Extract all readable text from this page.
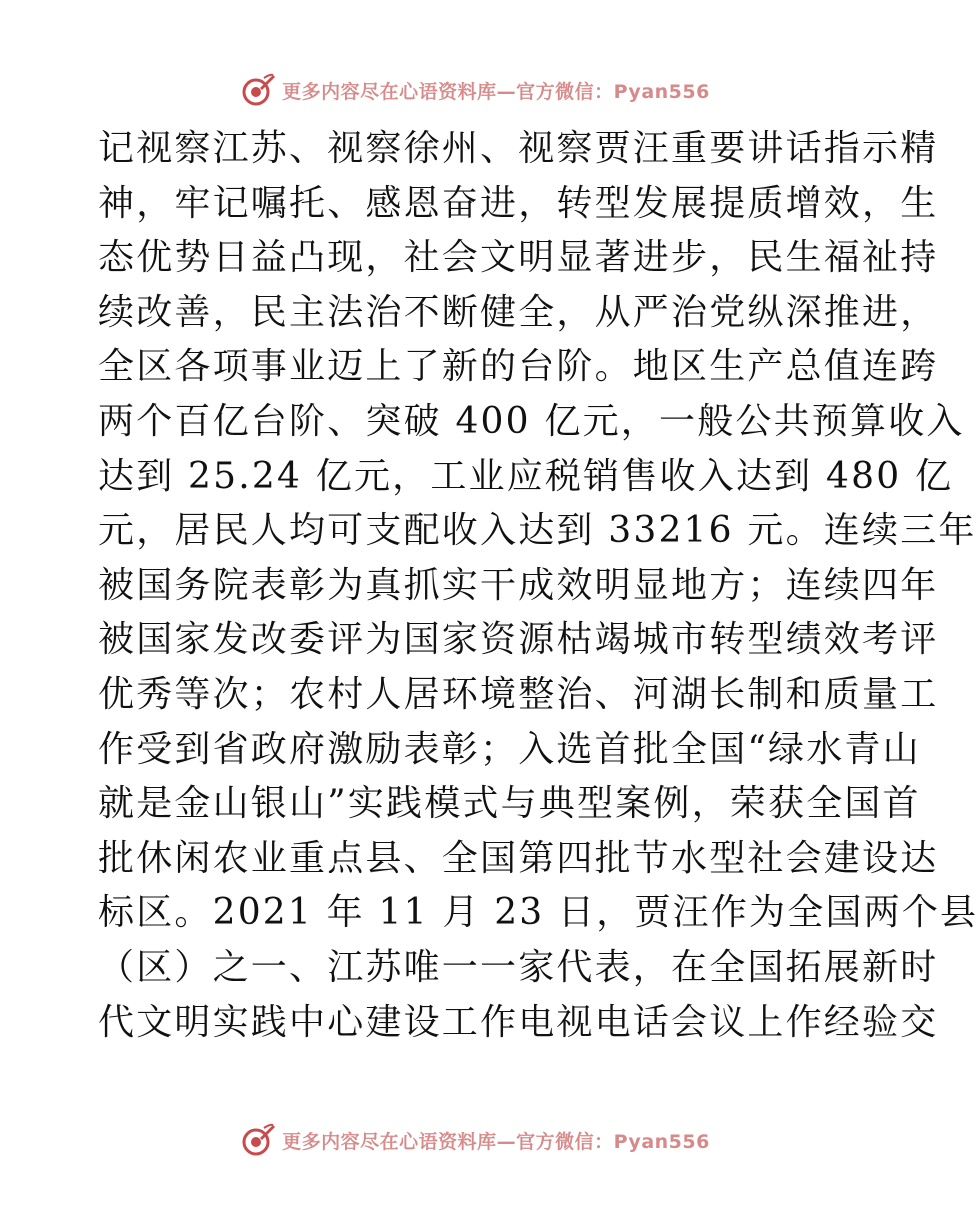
更多内容尽在心语资料库—官方微信：Pyan556
记视察江苏、视察徐州、视察贾汪重要讲话指示精
神，牢记嘱托、感恩奋进，转型发展提质增效，生
态优势日益凸现，社会文明显著进步，民生福祉持
续改善，民主法治不断健全，从严治党纵深推进，
全区各项事业迈上了新的台阶。地区生产总值连跨
两个百亿台阶、突破 400 亿元，一般公共预算收入
达到 25.24 亿元，工业应税销售收入达到 480 亿
元，居民人均可支配收入达到 33216 元。连续三年
被国务院表彰为真抓实干成效明显地方；连续四年
被国家发改委评为国家资源枯竭城市转型绩效考评
优秀等次；农村人居环境整治、河湖长制和质量工
作受到省政府激励表彰；入选首批全国“绿水青山
就是金山银山”实践模式与典型案例，荣获全国首
批休闲农业重点县、全国第四批节水型社会建设达
标区。2021 年 11 月 23 日，贾汪作为全国两个县
（区）之一、江苏唯一一家代表，在全国拓展新时
代文明实践中心建设工作电视电话会议上作经验交
更多内容尽在心语资料库—官方微信：Pyan556
